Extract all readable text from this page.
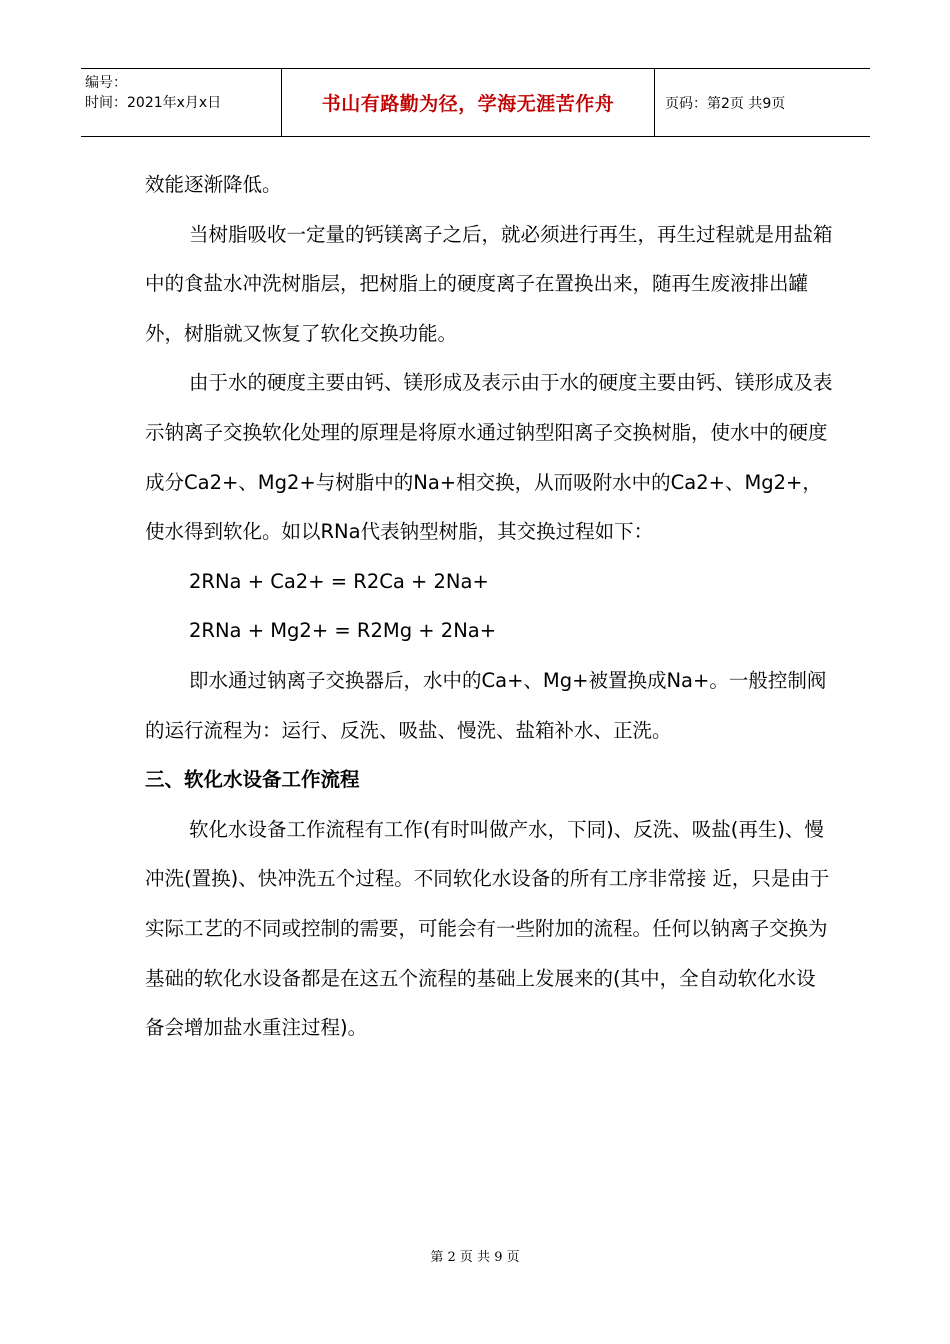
编号：
时间：2021年x月x日	书山有路勤为径，学海无涯苦作舟	页码：第2页 共9页

效能逐渐降低。

当树脂吸收一定量的钙镁离子之后，就必须进行再生，再生过程就是用盐箱中的食盐水冲洗树脂层，把树脂上的硬度离子在置换出来，随再生废液排出罐外，树脂就又恢复了软化交换功能。

由于水的硬度主要由钙、镁形成及表示由于水的硬度主要由钙、镁形成及表示钠离子交换软化处理的原理是将原水通过钠型阳离子交换树脂，使水中的硬度成分Ca2+、Mg2+与树脂中的Na+相交换，从而吸附水中的Ca2+、Mg2+，使水得到软化。如以RNa代表钠型树脂，其交换过程如下：

2RNa + Ca2+ = R2Ca + 2Na+

2RNa + Mg2+ = R2Mg + 2Na+

即水通过钠离子交换器后，水中的Ca+、Mg+被置换成Na+。一般控制阀的运行流程为：运行、反洗、吸盐、慢洗、盐箱补水、正洗。

三、软化水设备工作流程

软化水设备工作流程有工作(有时叫做产水，下同)、反洗、吸盐(再生)、慢冲洗(置换)、快冲洗五个过程。不同软化水设备的所有工序非常接 近，只是由于实际工艺的不同或控制的需要，可能会有一些附加的流程。任何以钠离子交换为基础的软化水设备都是在这五个流程的基础上发展来的(其中，全自动软化水设备会增加盐水重注过程)。

第 2 页 共 9 页
